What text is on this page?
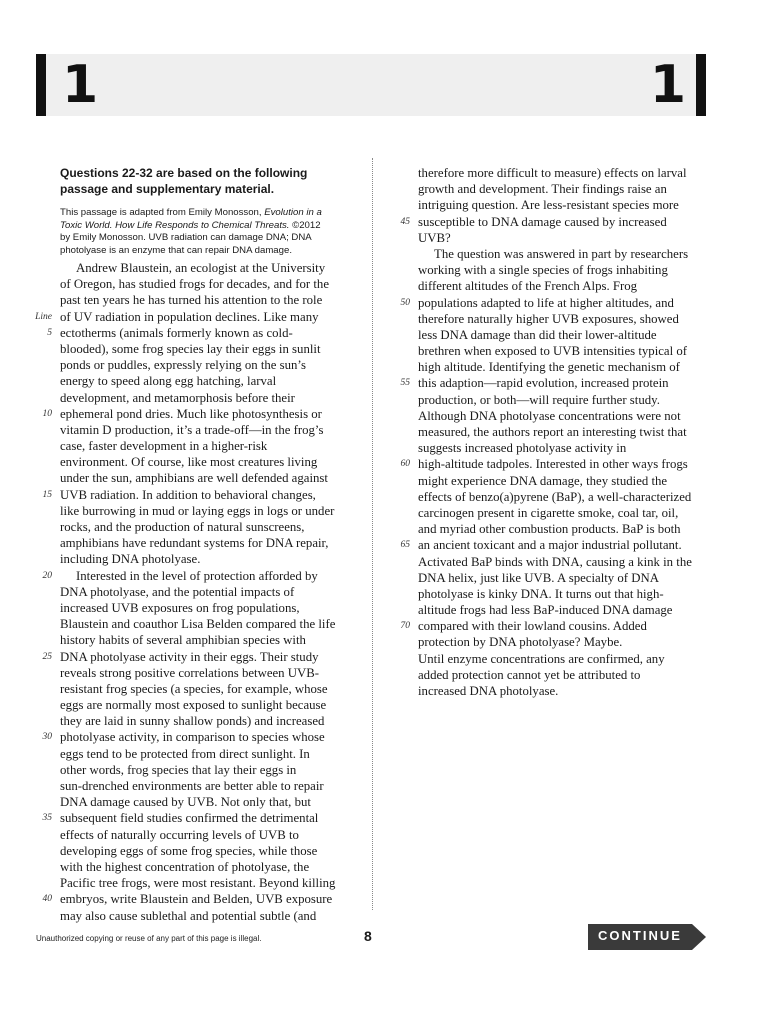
1	1

Questions 22-32 are based on the following
passage and supplementary material.

This passage is adapted from Emily Monosson, Evolution in a
Toxic World. How Life Responds to Chemical Threats. ©2012
by Emily Monosson. UVB radiation can damage DNA; DNA
photolyase is an enzyme that can repair DNA damage.

Andrew Blaustein, an ecologist at the University
of Oregon, has studied frogs for decades, and for the
past ten years he has turned his attention to the role
Line of UV radiation in population declines. Like many
5 ectotherms (animals formerly known as cold-
blooded), some frog species lay their eggs in sunlit
ponds or puddles, expressly relying on the sun’s
energy to speed along egg hatching, larval
development, and metamorphosis before their
10 ephemeral pond dries. Much like photosynthesis or
vitamin D production, it’s a trade-off—in the frog’s
case, faster development in a higher-risk
environment. Of course, like most creatures living
under the sun, amphibians are well defended against
15 UVB radiation. In addition to behavioral changes,
like burrowing in mud or laying eggs in logs or under
rocks, and the production of natural sunscreens,
amphibians have redundant systems for DNA repair,
including DNA photolyase.
20 Interested in the level of protection afforded by
DNA photolyase, and the potential impacts of
increased UVB exposures on frog populations,
Blaustein and coauthor Lisa Belden compared the life
history habits of several amphibian species with
25 DNA photolyase activity in their eggs. Their study
reveals strong positive correlations between UVB-
resistant frog species (a species, for example, whose
eggs are normally most exposed to sunlight because
they are laid in sunny shallow ponds) and increased
30 photolyase activity, in comparison to species whose
eggs tend to be protected from direct sunlight. In
other words, frog species that lay their eggs in
sun-drenched environments are better able to repair
DNA damage caused by UVB. Not only that, but
35 subsequent field studies confirmed the detrimental
effects of naturally occurring levels of UVB to
developing eggs of some frog species, while those
with the highest concentration of photolyase, the
Pacific tree frogs, were most resistant. Beyond killing
40 embryos, write Blaustein and Belden, UVB exposure
may also cause sublethal and potential subtle (and
therefore more difficult to measure) effects on larval
growth and development. Their findings raise an
intriguing question. Are less-resistant species more
45 susceptible to DNA damage caused by increased
UVB?
The question was answered in part by researchers
working with a single species of frogs inhabiting
different altitudes of the French Alps. Frog
50 populations adapted to life at higher altitudes, and
therefore naturally higher UVB exposures, showed
less DNA damage than did their lower-altitude
brethren when exposed to UVB intensities typical of
high altitude. Identifying the genetic mechanism of
55 this adaption—rapid evolution, increased protein
production, or both—will require further study.
Although DNA photolyase concentrations were not
measured, the authors report an interesting twist that
suggests increased photolyase activity in
60 high-altitude tadpoles. Interested in other ways frogs
might experience DNA damage, they studied the
effects of benzo(a)pyrene (BaP), a well-characterized
carcinogen present in cigarette smoke, coal tar, oil,
and myriad other combustion products. BaP is both
65 an ancient toxicant and a major industrial pollutant.
Activated BaP binds with DNA, causing a kink in the
DNA helix, just like UVB. A specialty of DNA
photolyase is kinky DNA. It turns out that high-
altitude frogs had less BaP-induced DNA damage
70 compared with their lowland cousins. Added
protection by DNA photolyase? Maybe.
Until enzyme concentrations are confirmed, any
added protection cannot yet be attributed to
increased DNA photolyase.
Unauthorized copying or reuse of any part of this page is illegal.	8	CONTINUE
